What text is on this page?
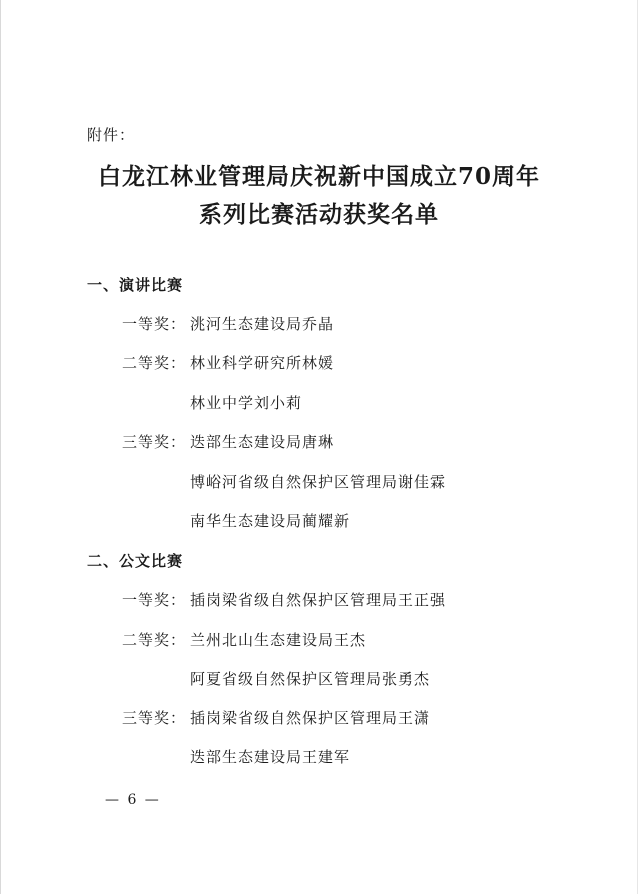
附件：
白龙江林业管理局庆祝新中国成立70周年
系列比赛活动获奖名单
一、演讲比赛
一等奖： 洮河生态建设局乔晶
二等奖： 林业科学研究所林媛
林业中学刘小莉
三等奖： 迭部生态建设局唐琳
博峪河省级自然保护区管理局谢佳霖
南华生态建设局蔺耀新
二、公文比赛
一等奖： 插岗梁省级自然保护区管理局王正强
二等奖： 兰州北山生态建设局王杰
阿夏省级自然保护区管理局张勇杰
三等奖： 插岗梁省级自然保护区管理局王潇
迭部生态建设局王建军
— 6 —
